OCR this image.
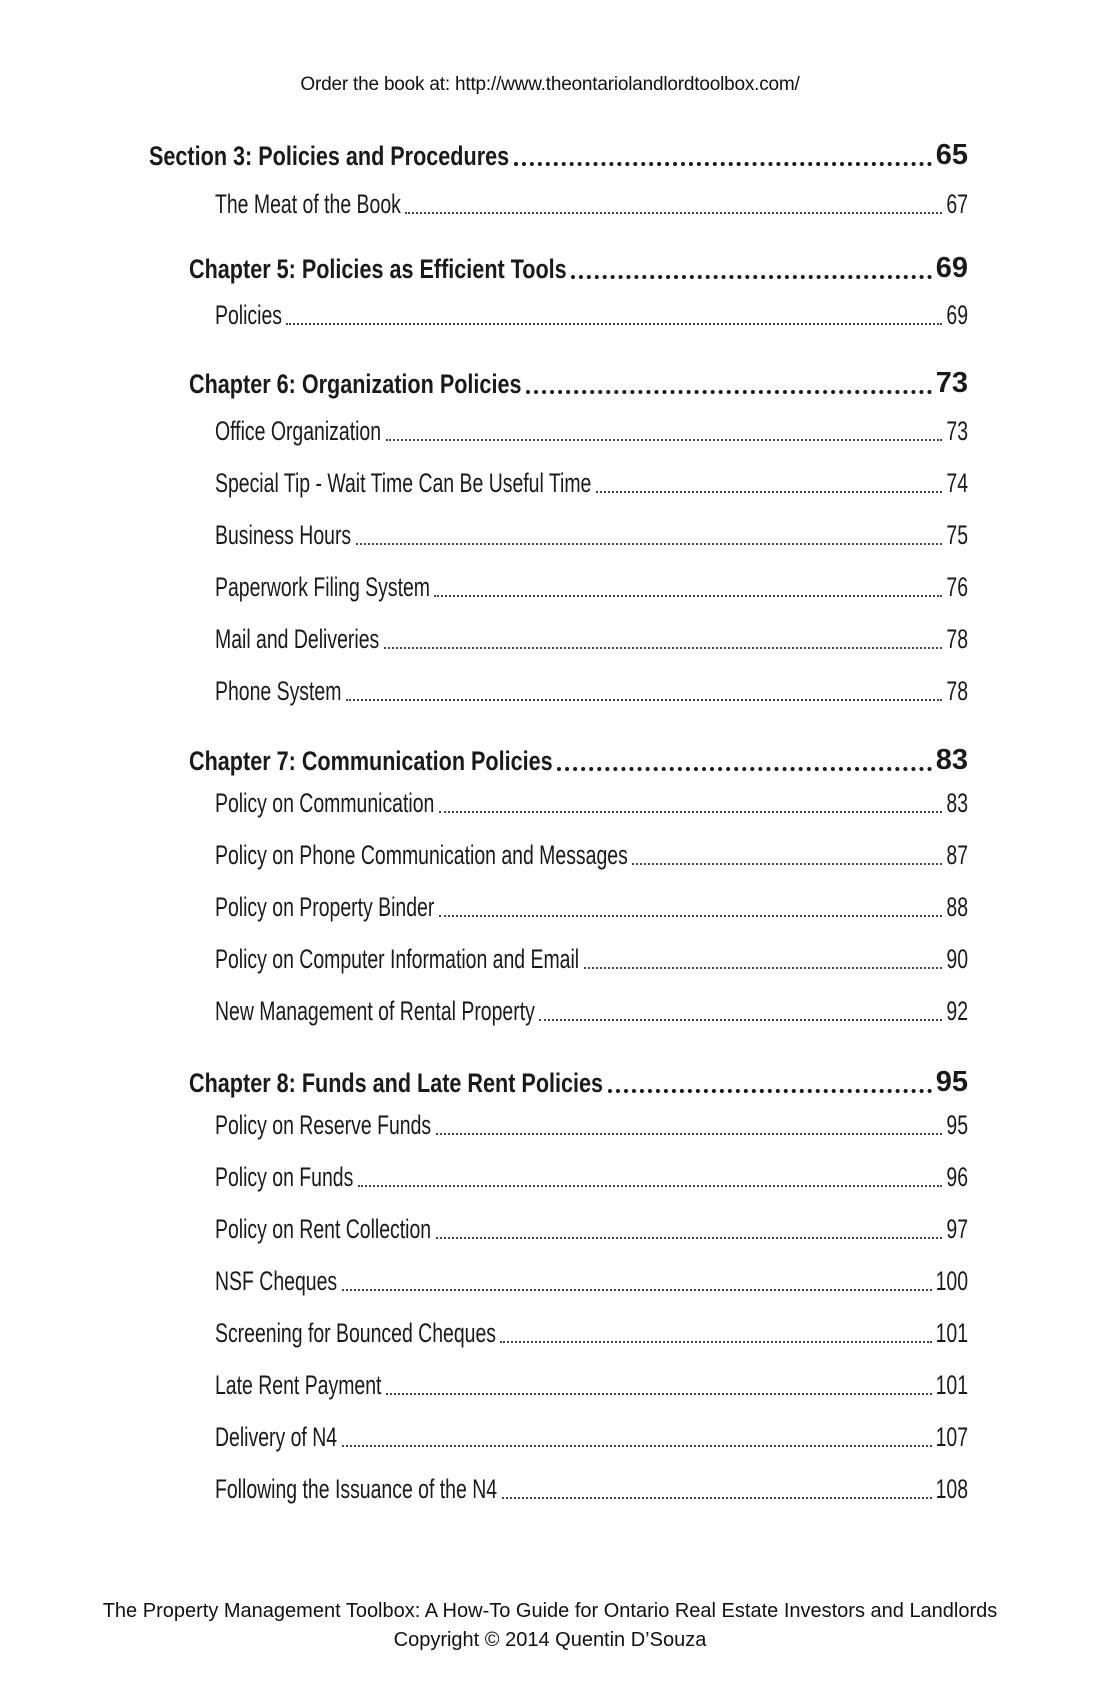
Order the book at: http://www.theontariolandlordtoolbox.com/
Section 3: Policies and Procedures	65
The Meat of the Book	67
Chapter 5: Policies as Efficient Tools	69
Policies	69
Chapter 6: Organization Policies	73
Office Organization	73
Special Tip - Wait Time Can Be Useful Time	74
Business Hours	75
Paperwork Filing System	76
Mail and Deliveries	78
Phone System	78
Chapter 7: Communication Policies	83
Policy on Communication	83
Policy on Phone Communication and Messages	87
Policy on Property Binder	88
Policy on Computer Information and Email	90
New Management of Rental Property	92
Chapter 8: Funds and Late Rent Policies	95
Policy on Reserve Funds	95
Policy on Funds	96
Policy on Rent Collection	97
NSF Cheques	100
Screening for Bounced Cheques	101
Late Rent Payment	101
Delivery of N4	107
Following the Issuance of the N4	108
The Property Management Toolbox: A How-To Guide for Ontario Real Estate Investors and Landlords
Copyright © 2014 Quentin D’Souza
